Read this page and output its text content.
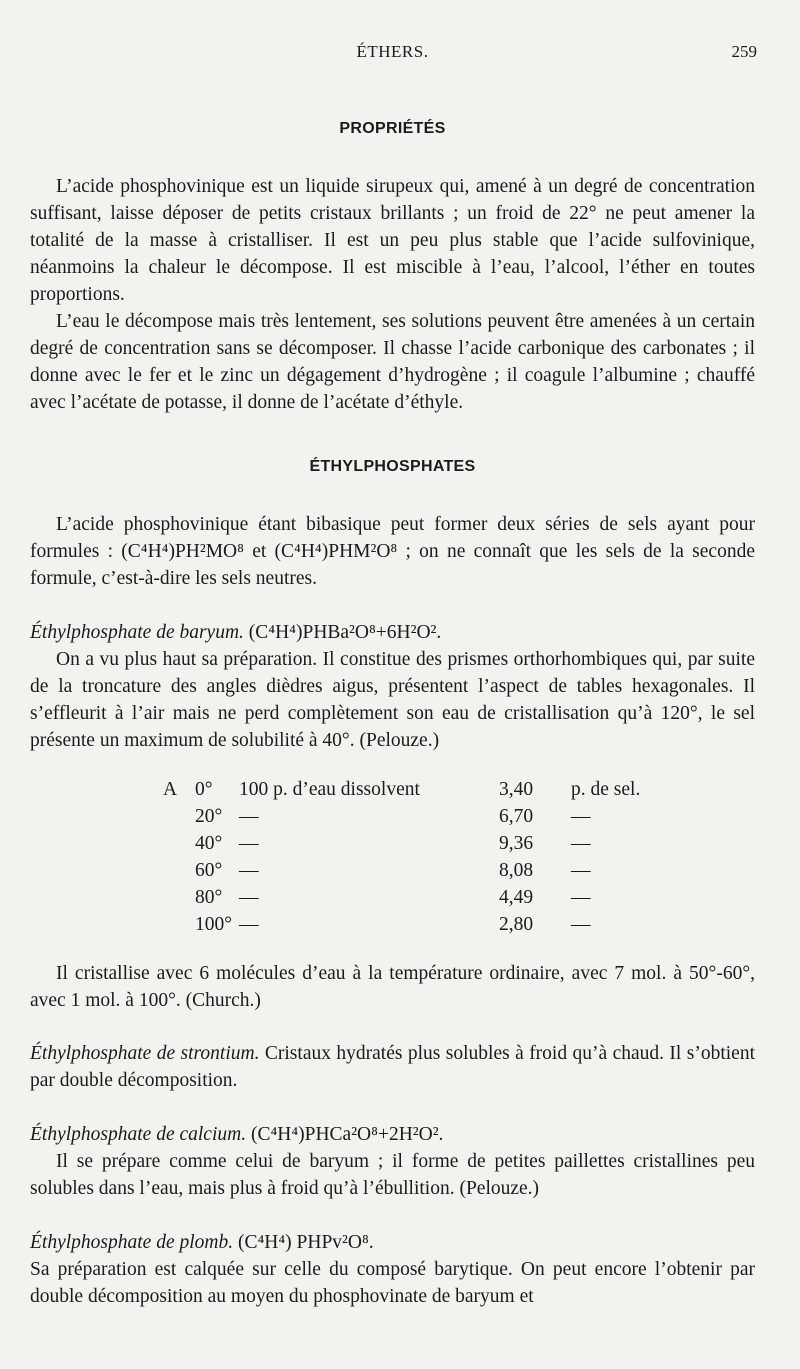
ÉTHERS.	259
PROPRIÉTÉS

L’acide phosphovinique est un liquide sirupeux qui, amené à un degré de concentration suffisant, laisse déposer de petits cristaux brillants ; un froid de 22° ne peut amener la totalité de la masse à cristalliser. Il est un peu plus stable que l’acide sulfovinique, néanmoins la chaleur le décompose. Il est miscible à l’eau, l’alcool, l’éther en toutes proportions.

L’eau le décompose mais très lentement, ses solutions peuvent être amenées à un certain degré de concentration sans se décomposer. Il chasse l’acide carbonique des carbonates ; il donne avec le fer et le zinc un dégagement d’hydrogène ; il coagule l’albumine ; chauffé avec l’acétate de potasse, il donne de l’acétate d’éthyle.

ÉTHYLPHOSPHATES

L’acide phosphovinique étant bibasique peut former deux séries de sels ayant pour formules : (C⁴H⁴)PH²MO⁸ et (C⁴H⁴)PHM²O⁸ ; on ne connaît que les sels de la seconde formule, c’est-à-dire les sels neutres.

Éthylphosphate de baryum. (C⁴H⁴)PHBa²O⁸+6H²O².

On a vu plus haut sa préparation. Il constitue des prismes orthorhombiques qui, par suite de la troncature des angles dièdres aigus, présentent l’aspect de tables hexagonales. Il s’effleurit à l’air mais ne perd complètement son eau de cristallisation qu’à 120°, le sel présente un maximum de solubilité à 40°. (Pelouze.)

A	0°	100 p. d’eau dissolvent	3,40	p. de sel.
	20°	—	6,70	—
	40°	—	9,36	—
	60°	—	8,08	—
	80°	—	4,49	—
	100°	—	2,80	—

Il cristallise avec 6 molécules d’eau à la température ordinaire, avec 7 mol. à 50°-60°, avec 1 mol. à 100°. (Church.)

Éthylphosphate de strontium. Cristaux hydratés plus solubles à froid qu’à chaud. Il s’obtient par double décomposition.

Éthylphosphate de calcium. (C⁴H⁴)PHCa²O⁸+2H²O².

Il se prépare comme celui de baryum ; il forme de petites paillettes cristallines peu solubles dans l’eau, mais plus à froid qu’à l’ébullition. (Pelouze.)

Éthylphosphate de plomb. (C⁴H⁴) PHPv²O⁸.

Sa préparation est calquée sur celle du composé barytique. On peut encore l’obtenir par double décomposition au moyen du phosphovinate de baryum et
